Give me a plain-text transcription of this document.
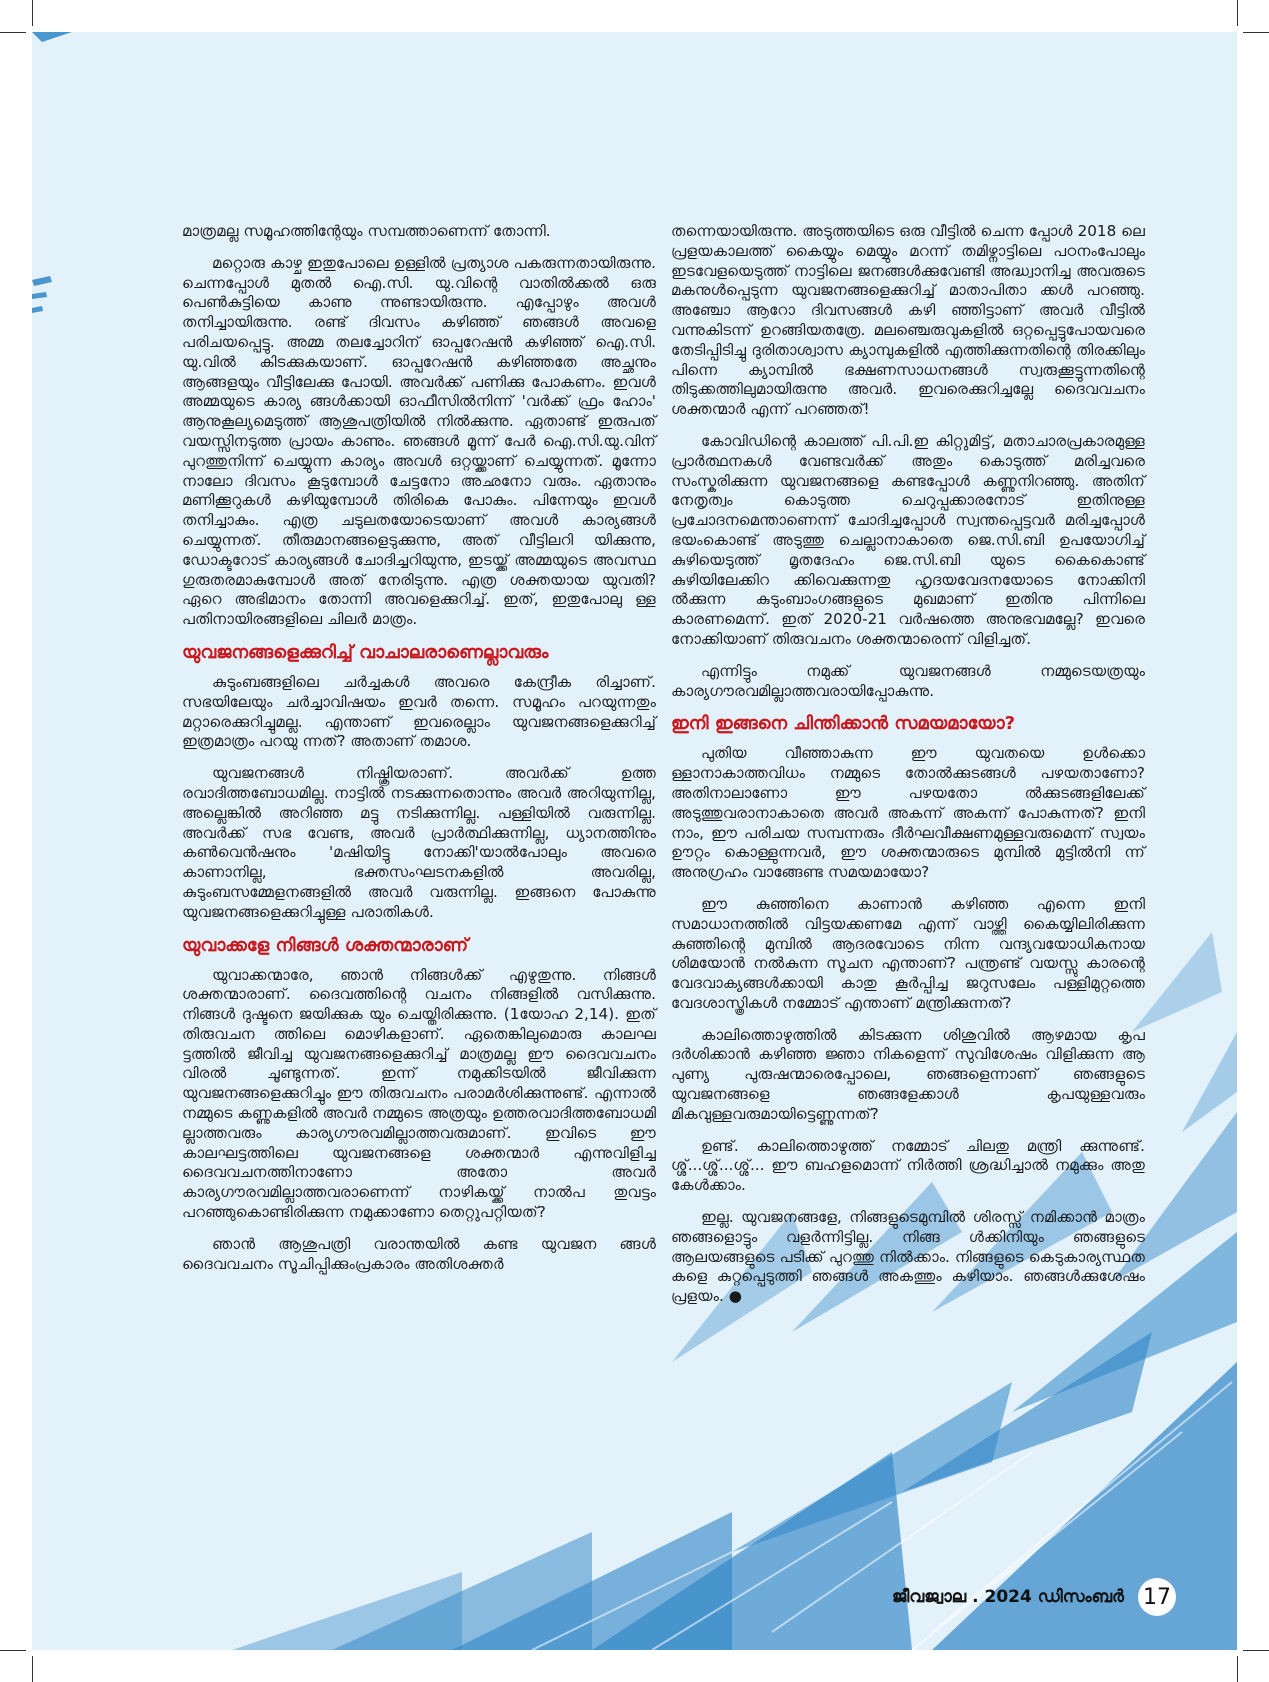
മാത്രമല്ല സമൂഹത്തിന്റേയും സമ്പത്താണെന്ന് തോന്നി.

മറ്റൊരു കാഴ്ച ഇതുപോലെ ഉള്ളിൽ പ്രത്യാശ പകരുന്നതായിരുന്നു. ചെന്നപ്പോൾ മുതൽ ഐ.സി. യു.വിന്റെ വാതിൽക്കൽ ഒരു പെൺകുട്ടിയെ കാണു ന്നുണ്ടായിരുന്നു. എപ്പോഴും അവൾ തനിച്ചായിരുന്നു. രണ്ട് ദിവസം കഴിഞ്ഞ് ഞങ്ങൾ അവളെ പരിചയപ്പെട്ടു. അമ്മ തലച്ചോറിന് ഓപ്പറേഷൻ കഴിഞ്ഞ് ഐ.സി. യു.വിൽ കിടക്കുകയാണ്. ഓപ്പറേഷൻ കഴിഞ്ഞതേ അച്ഛനും ആങ്ങളയും വീട്ടിലേക്കു പോയി. അവർക്ക് പണിക്കു പോകണം. ഇവൾ അമ്മയുടെ കാര്യ ങ്ങൾക്കായി ഓഫീസിൽനിന്ന് 'വർക്ക് ഫ്രം ഹോം' ആനുകൂല്യമെടുത്ത് ആശുപത്രിയിൽ നിൽക്കുന്നു. ഏതാണ്ട് ഇരുപത് വയസ്സിനടുത്ത പ്രായം കാണും. ഞങ്ങൾ മൂന്ന് പേർ ഐ.സി.യു.വിന് പുറത്തുനിന്ന് ചെയ്യുന്ന കാര്യം അവൾ ഒറ്റയ്ക്കാണ് ചെയ്യുന്നത്. മൂന്നോ നാലോ ദിവസം കൂടുമ്പോൾ ചേട്ടനോ അഛനോ വരും. ഏതാനും മണിക്കൂറുകൾ കഴിയുമ്പോൾ തിരികെ പോകും. പിന്നേയും ഇവൾ തനിച്ചാകും. എത്ര ചടുലതയോടെയാണ് അവൾ കാര്യങ്ങൾ ചെയ്യുന്നത്. തീരുമാനങ്ങളെടുക്കുന്നു, അത് വീട്ടിലറി യിക്കുന്നു, ഡോക്ടറോട് കാര്യങ്ങൾ ചോദിച്ചറിയുന്നു, ഇടയ്ക്ക് അമ്മയുടെ അവസ്ഥ ഗുരുതരമാകുമ്പോൾ അത് നേരിടുന്നു. എത്ര ശക്തയായ യുവതി? ഏറെ അഭിമാനം തോന്നി അവളെക്കുറിച്ച്. ഇത്, ഇതുപോലു ള്ള പതിനായിരങ്ങളിലെ ചിലർ മാത്രം.

യുവജനങ്ങളെക്കുറിച്ച് വാചാലരാണെല്ലാവരും

കുടുംബങ്ങളിലെ ചർച്ചകൾ അവരെ കേന്ദ്രീക രിച്ചാണ്. സഭയിലേയും ചർച്ചാവിഷയം ഇവർ തന്നെ. സമൂഹം പറയുന്നതും മറ്റാരെക്കുറിച്ചുമല്ല. എന്താണ് ഇവരെല്ലാം യുവജനങ്ങളെക്കുറിച്ച് ഇത്രമാത്രം പറയു ന്നത്? അതാണ് തമാശ.

യുവജനങ്ങൾ നിഷ്ക്രിയരാണ്. അവർക്ക് ഉത്ത രവാദിത്തബോധമില്ല. നാട്ടിൽ നടക്കുന്നതൊന്നും അവർ അറിയുന്നില്ല, അല്ലെങ്കിൽ അറിഞ്ഞ മട്ടു നടിക്കുന്നില്ല. പള്ളിയിൽ വരുന്നില്ല. അവർക്ക് സഭ വേണ്ട, അവർ പ്രാർത്ഥിക്കുന്നില്ല, ധ്യാനത്തിനും കൺവെൻഷനും 'മഷിയിട്ടു നോക്കി'യാൽപോലും അവരെ കാണാനില്ല, ഭക്തസംഘടനകളിൽ അവരില്ല, കുടുംബസമ്മേളനങ്ങളിൽ അവർ വരുന്നില്ല. ഇങ്ങനെ പോകുന്നു യുവജനങ്ങളെക്കുറിച്ചുള്ള പരാതികൾ.

യുവാക്കളേ നിങ്ങൾ ശക്തന്മാരാണ്

യുവാക്കന്മാരേ, ഞാൻ നിങ്ങൾക്ക് എഴുതുന്നു. നിങ്ങൾ ശക്തന്മാരാണ്. ദൈവത്തിന്റെ വചനം നിങ്ങളിൽ വസിക്കുന്നു. നിങ്ങൾ ദുഷ്ടനെ ജയിക്കുക യും ചെയ്തിരിക്കുന്നു. (1യോഹ 2,14). ഇത് തിരുവചന ത്തിലെ മൊഴികളാണ്. ഏതെങ്കിലുമൊരു കാലഘ ട്ടത്തിൽ ജീവിച്ച യുവജനങ്ങളെക്കുറിച്ച് മാത്രമല്ല ഈ ദൈവവചനം വിരൽ ചൂണ്ടുന്നത്. ഇന്ന് നമുക്കിടയിൽ ജീവിക്കുന്ന യുവജനങ്ങളെക്കുറിച്ചും ഈ തിരുവചനം പരാമർശിക്കുന്നുണ്ട്. എന്നാൽ നമ്മുടെ കണ്ണുകളിൽ അവർ നമ്മുടെ അത്രയും ഉത്തരവാദിത്തബോധമി ല്ലാത്തവരും കാര്യഗൗരവമില്ലാത്തവരുമാണ്. ഇവിടെ ഈ കാലഘട്ടത്തിലെ യുവജനങ്ങളെ ശക്തന്മാർ എന്നുവിളിച്ച ദൈവവചനത്തിനാണോ അതോ അവർ കാര്യഗൗരവമില്ലാത്തവരാണെന്ന് നാഴികയ്ക്ക് നാൽപ തുവട്ടം പറഞ്ഞുകൊണ്ടിരിക്കുന്ന നമുക്കാണോ തെറ്റുപറ്റിയത്?

ഞാൻ ആശുപത്രി വരാന്തയിൽ കണ്ട യുവജന ങ്ങൾ ദൈവവചനം സൂചിപ്പിക്കുംപ്രകാരം അതിശക്തർ

തന്നെയായിരുന്നു. അടുത്തയിടെ ഒരു വീട്ടിൽ ചെന്ന പ്പോൾ 2018 ലെ പ്രളയകാലത്ത് കൈയ്യും മെയ്യും മറന്ന് തമിഴ്നാട്ടിലെ പഠനംപോലും ഇടവേളയെടുത്ത് നാട്ടിലെ ജനങ്ങൾക്കുവേണ്ടി അദ്ധ്വാനിച്ച അവരുടെ മകനുൾപ്പെടുന്ന യുവജനങ്ങളെക്കുറിച്ച് മാതാപിതാ ക്കൾ പറഞ്ഞു. അഞ്ചോ ആറോ ദിവസങ്ങൾ കഴി ഞ്ഞിട്ടാണ് അവർ വീട്ടിൽ വന്നുകിടന്ന് ഉറങ്ങിയതത്രേ. മലഞ്ചെരുവുകളിൽ ഒറ്റപ്പെട്ടുപോയവരെ തേടിപ്പിടിച്ചു ദുരിതാശ്വാസ ക്യാമ്പുകളിൽ എത്തിക്കുന്നതിന്റെ തിരക്കിലും പിന്നെ ക്യാമ്പിൽ ഭക്ഷണസാധനങ്ങൾ സ്വരുക്കൂട്ടുന്നതിന്റെ തിടുക്കത്തിലുമായിരുന്നു അവർ. ഇവരെക്കുറിച്ചല്ലേ ദൈവവചനം ശക്തന്മാർ എന്ന് പറഞ്ഞത്!

കോവിഡിന്റെ കാലത്ത് പി.പി.ഇ കിറ്റുമിട്ട്, മതാചാരപ്രകാരമുള്ള പ്രാർത്ഥനകൾ വേണ്ടവർക്ക് അതും കൊടുത്ത് മരിച്ചവരെ സംസ്കരിക്കുന്ന യുവജനങ്ങളെ കണ്ടപ്പോൾ കണ്ണുനിറഞ്ഞു. അതിന് നേതൃത്വം കൊടുത്ത ചെറുപ്പക്കാരനോട് ഇതിനുള്ള പ്രചോദനമെന്താണെന്ന് ചോദിച്ചപ്പോൾ സ്വന്തപ്പെട്ടവർ മരിച്ചപ്പോൾ ഭയംകൊണ്ട് അടുത്തു ചെല്ലാനാകാതെ ജെ.സി.ബി ഉപയോഗിച്ച് കുഴിയെടുത്ത് മൃതദേഹം ജെ.സി.ബി യുടെ കൈകൊണ്ട് കുഴിയിലേക്കിറ ക്കിവെക്കുന്നതു ഹൃദയവേദനയോടെ നോക്കിനി ൽക്കുന്ന കുടുംബാംഗങ്ങളുടെ മുഖമാണ് ഇതിനു പിന്നിലെ കാരണമെന്ന്. ഇത് 2020-21 വർഷത്തെ അനുഭവമല്ലേ? ഇവരെ നോക്കിയാണ് തിരുവചനം ശക്തന്മാരെന്ന് വിളിച്ചത്.

എന്നിട്ടും നമുക്ക് യുവജനങ്ങൾ നമ്മുടെയത്രയും കാര്യഗൗരവമില്ലാത്തവരായിപ്പോകുന്നു.

ഇനി ഇങ്ങനെ ചിന്തിക്കാൻ സമയമായോ?

പുതിയ വീഞ്ഞാകുന്ന ഈ യുവതയെ ഉൾക്കൊ ള്ളാനാകാത്തവിധം നമ്മുടെ തോൽക്കുടങ്ങൾ പഴയതാണോ? അതിനാലാണോ ഈ പഴയതോ ൽക്കുടങ്ങളിലേക്ക് അടുത്തുവരാനാകാതെ അവർ അകന്ന് അകന്ന് പോകുന്നത്? ഇനി നാം, ഈ പരിചയ സമ്പന്നരും ദീർഘവീക്ഷണമുള്ളവരുമെന്ന് സ്വയം ഊറ്റം കൊള്ളുന്നവർ, ഈ ശക്തന്മാരുടെ മുമ്പിൽ മുട്ടിൽനി ന്ന് അനുഗ്രഹം വാങ്ങേണ്ട സമയമായോ?

ഈ കുഞ്ഞിനെ കാണാൻ കഴിഞ്ഞ എന്നെ ഇനി സമാധാനത്തിൽ വിട്ടയക്കണമേ എന്ന് വാഴ്ത്തി കൈയ്യിലിരിക്കുന്ന കുഞ്ഞിന്റെ മുമ്പിൽ ആദരവോടെ നിന്ന വന്ദ്യവയോധികനായ ശിമയോൻ നൽകുന്ന സൂചന എന്താണ്? പന്ത്രണ്ട് വയസ്സു കാരന്റെ വേദവാക്യങ്ങൾക്കായി കാതു കൂർപ്പിച്ച ജറുസലേം പള്ളിമുറ്റത്തെ വേദശാസ്ത്രികൾ നമ്മോട് എന്താണ് മന്ത്രിക്കുന്നത്?

കാലിത്തൊഴുത്തിൽ കിടക്കുന്ന ശിശുവിൽ ആഴമായ കൃപ ദർശിക്കാൻ കഴിഞ്ഞ ജ്ഞാ നികളെന്ന് സുവിശേഷം വിളിക്കുന്ന ആ പുണ്യ പുരുഷന്മാരെപ്പോലെ, ഞങ്ങളെന്നാണ് ഞങ്ങളുടെ യുവജനങ്ങളെ ഞങ്ങളേക്കാൾ കൃപയുള്ളവരും മികവുള്ളവരുമായിട്ടെണ്ണുന്നത്?

ഉണ്ട്. കാലിത്തൊഴുത്ത് നമ്മോട് ചിലതു മന്ത്രി ക്കുന്നുണ്ട്. ശ്ശ്...ശ്ശ്...ശ്ശ്... ഈ ബഹളമൊന്ന് നിർത്തി ശ്രദ്ധിച്ചാൽ നമുക്കും അതു കേൾക്കാം.

ഇല്ല. യുവജനങ്ങളേ, നിങ്ങളുടെമുമ്പിൽ ശിരസ്സ് നമിക്കാൻ മാത്രം ഞങ്ങളൊട്ടും വളർന്നിട്ടില്ല. നിങ്ങ ൾക്കിനിയും ഞങ്ങളുടെ ആലയങ്ങളുടെ പടിക്ക് പുറത്തു നിൽക്കാം. നിങ്ങളുടെ കെടുകാര്യസ്ഥത കളെ കുറ്റപ്പെടുത്തി ഞങ്ങൾ അകത്തും കഴിയാം. ഞങ്ങൾക്കുശേഷം പ്രളയം. ●

ജീവജ്വാല . 2024 ഡിസംബർ 17
